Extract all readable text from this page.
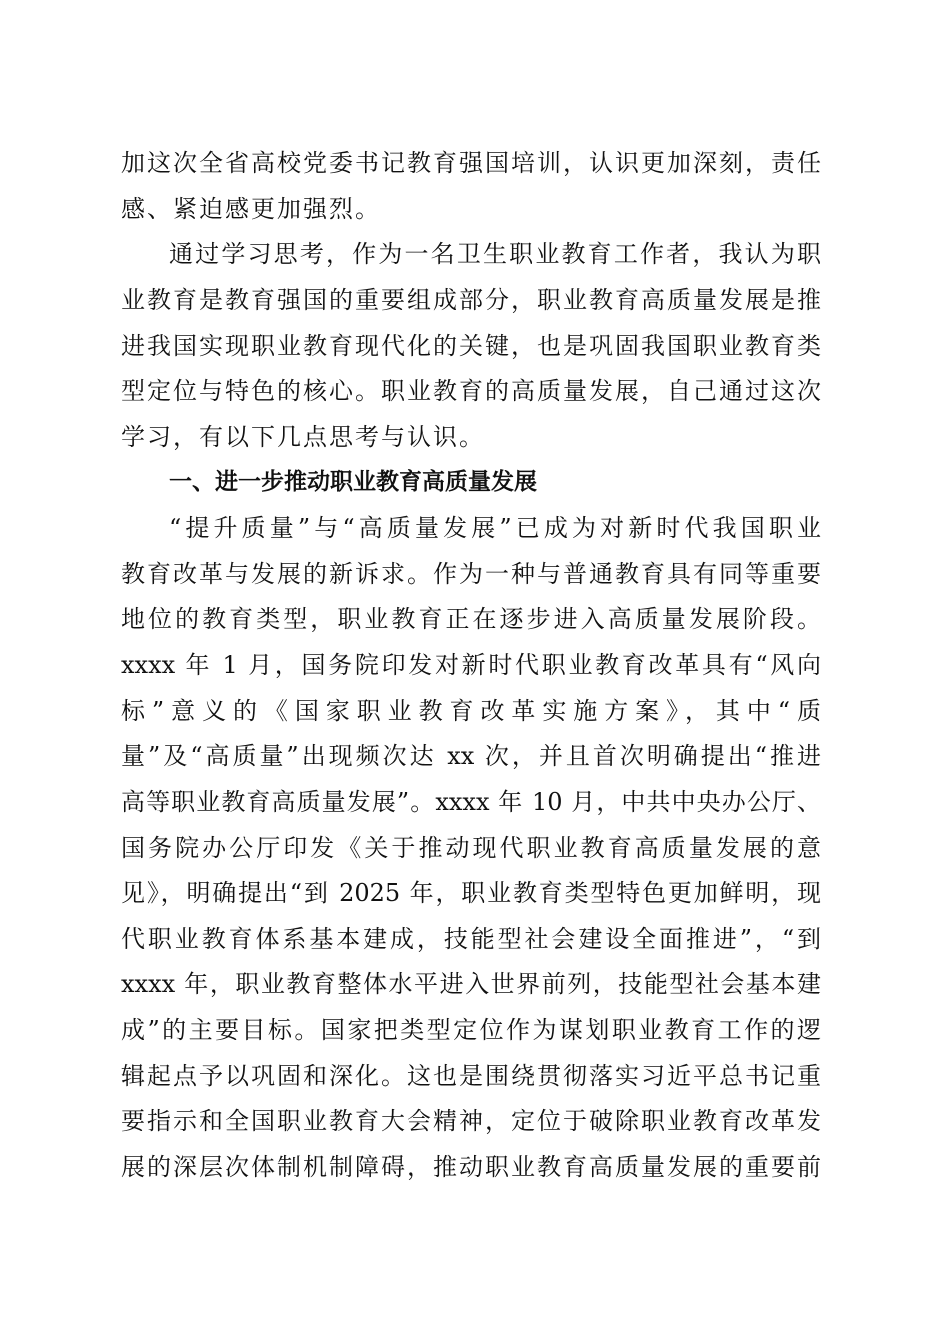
加这次全省高校党委书记教育强国培训，认识更加深刻，责任
感、紧迫感更加强烈。
通过学习思考，作为一名卫生职业教育工作者，我认为职
业教育是教育强国的重要组成部分，职业教育高质量发展是推
进我国实现职业教育现代化的关键，也是巩固我国职业教育类
型定位与特色的核心。职业教育的高质量发展，自己通过这次
学习，有以下几点思考与认识。
一、进一步推动职业教育高质量发展
“提升质量”与“高质量发展”已成为对新时代我国职业
教育改革与发展的新诉求。作为一种与普通教育具有同等重要
地位的教育类型，职业教育正在逐步进入高质量发展阶段。
xxxx 年 1 月，国务院印发对新时代职业教育改革具有“风向
标”意义的《国家职业教育改革实施方案》，其中“质
量”及“高质量”出现频次达 xx 次，并且首次明确提出“推进
高等职业教育高质量发展”。xxxx 年 10 月，中共中央办公厅、
国务院办公厅印发《关于推动现代职业教育高质量发展的意
见》，明确提出“到 2025 年，职业教育类型特色更加鲜明，现
代职业教育体系基本建成，技能型社会建设全面推进”，“到
xxxx 年，职业教育整体水平进入世界前列，技能型社会基本建
成”的主要目标。国家把类型定位作为谋划职业教育工作的逻
辑起点予以巩固和深化。这也是围绕贯彻落实习近平总书记重
要指示和全国职业教育大会精神，定位于破除职业教育改革发
展的深层次体制机制障碍，推动职业教育高质量发展的重要前
